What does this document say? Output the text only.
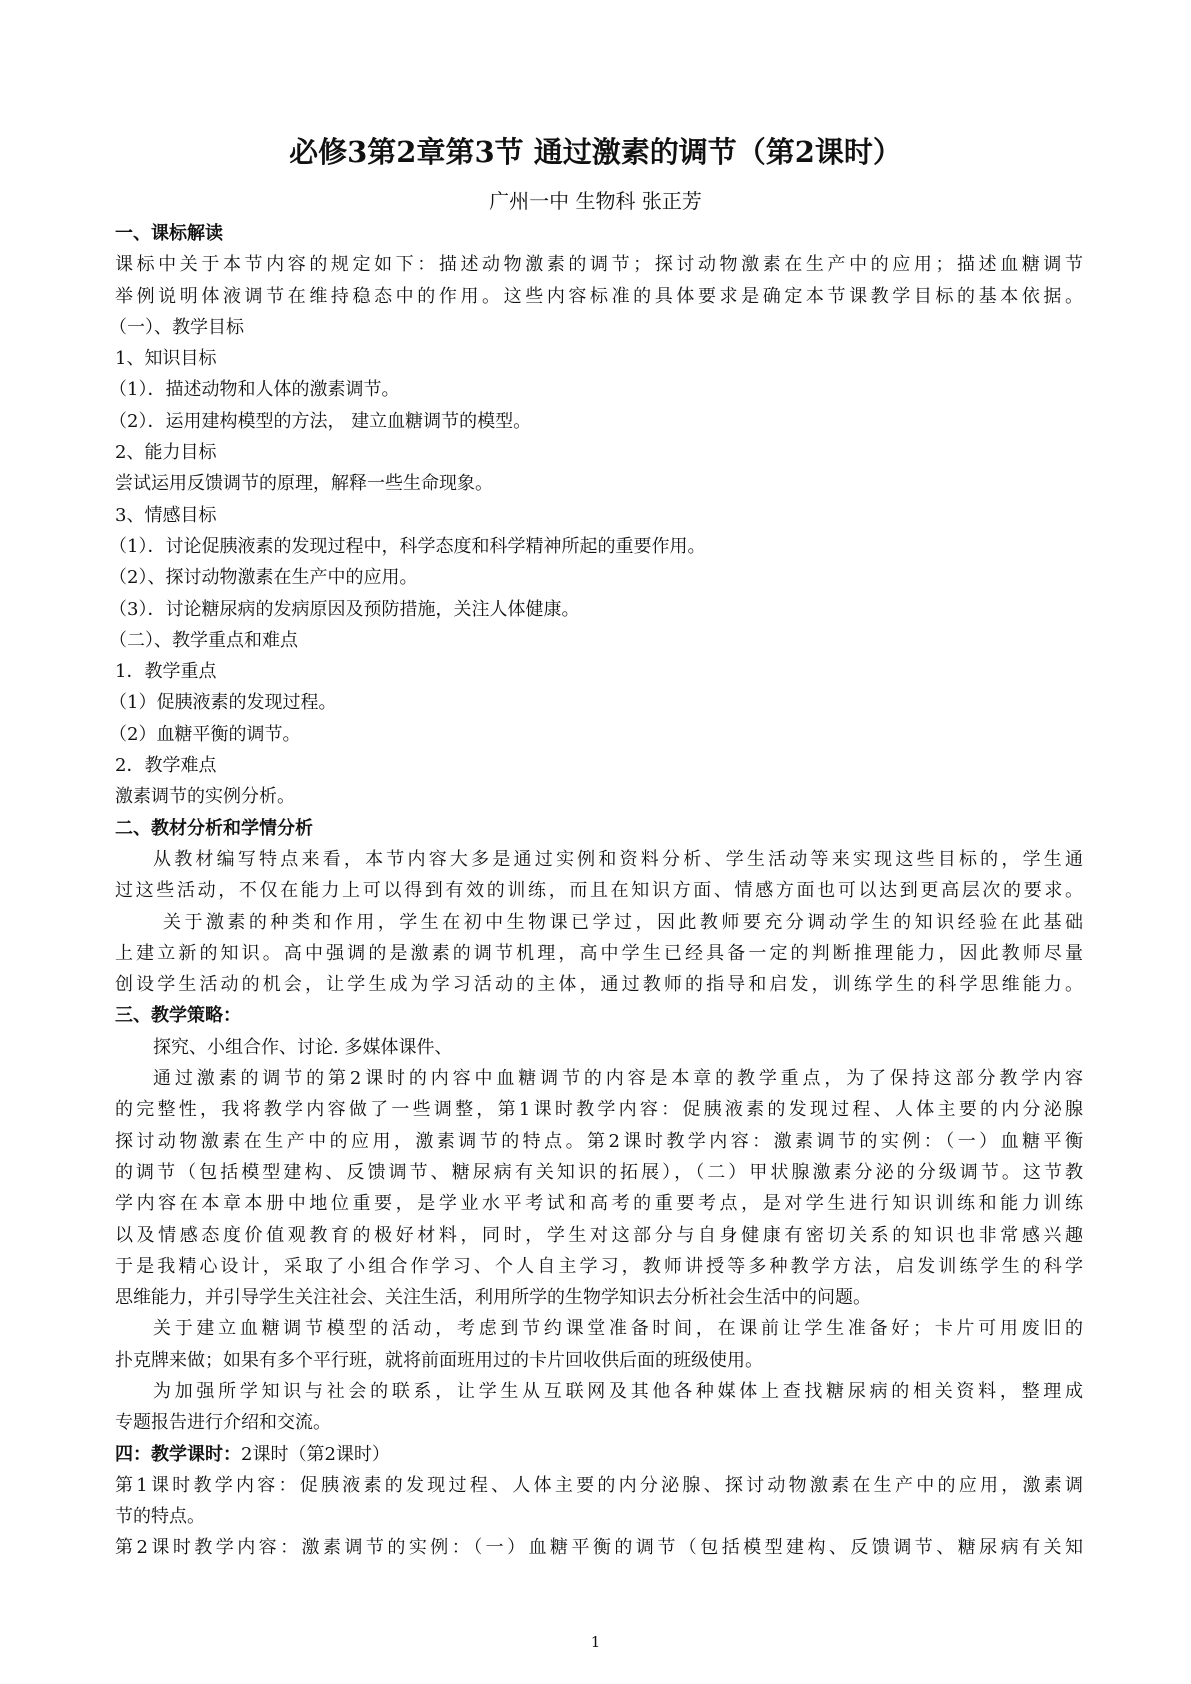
必修3第2章第3节 通过激素的调节（第2课时）
广州一中 生物科 张正芳
一、课标解读
课标中关于本节内容的规定如下：描述动物激素的调节；探讨动物激素在生产中的应用；描述血糖调节
举例说明体液调节在维持稳态中的作用。这些内容标准的具体要求是确定本节课教学目标的基本依据。
（一）、教学目标
1、知识目标
（1）．描述动物和人体的激素调节。
（2）．运用建构模型的方法， 建立血糖调节的模型。
2、能力目标
尝试运用反馈调节的原理，解释一些生命现象。
3、情感目标
（1）．讨论促胰液素的发现过程中，科学态度和科学精神所起的重要作用。
（2）、探讨动物激素在生产中的应用。
（3）．讨论糖尿病的发病原因及预防措施，关注人体健康。
（二）、教学重点和难点
1．教学重点
（1）促胰液素的发现过程。
（2）血糖平衡的调节。
2．教学难点
激素调节的实例分析。
二、教材分析和学情分析
从教材编写特点来看，本节内容大多是通过实例和资料分析、学生活动等来实现这些目标的，学生通
过这些活动，不仅在能力上可以得到有效的训练，而且在知识方面、情感方面也可以达到更高层次的要求。
关于激素的种类和作用，学生在初中生物课已学过，因此教师要充分调动学生的知识经验在此基础
上建立新的知识。高中强调的是激素的调节机理，高中学生已经具备一定的判断推理能力，因此教师尽量
创设学生活动的机会，让学生成为学习活动的主体，通过教师的指导和启发，训练学生的科学思维能力。
三、教学策略：
探究、小组合作、讨论. 多媒体课件、
通过激素的调节的第2课时的内容中血糖调节的内容是本章的教学重点，为了保持这部分教学内容
的完整性，我将教学内容做了一些调整，第1课时教学内容：促胰液素的发现过程、人体主要的内分泌腺
探讨动物激素在生产中的应用，激素调节的特点。第2课时教学内容：激素调节的实例：（一）血糖平衡
的调节（包括模型建构、反馈调节、糖尿病有关知识的拓展），（二）甲状腺激素分泌的分级调节。这节教
学内容在本章本册中地位重要，是学业水平考试和高考的重要考点，是对学生进行知识训练和能力训练
以及情感态度价值观教育的极好材料，同时，学生对这部分与自身健康有密切关系的知识也非常感兴趣
于是我精心设计，采取了小组合作学习、个人自主学习，教师讲授等多种教学方法，启发训练学生的科学
思维能力，并引导学生关注社会、关注生活，利用所学的生物学知识去分析社会生活中的问题。
关于建立血糖调节模型的活动，考虑到节约课堂准备时间，在课前让学生准备好；卡片可用废旧的
扑克牌来做；如果有多个平行班，就将前面班用过的卡片回收供后面的班级使用。
为加强所学知识与社会的联系，让学生从互联网及其他各种媒体上查找糖尿病的相关资料，整理成
专题报告进行介绍和交流。
四：教学课时：2课时（第2课时）
第1课时教学内容：促胰液素的发现过程、人体主要的内分泌腺、探讨动物激素在生产中的应用，激素调
节的特点。
第2课时教学内容：激素调节的实例：（一）血糖平衡的调节（包括模型建构、反馈调节、糖尿病有关知
1
